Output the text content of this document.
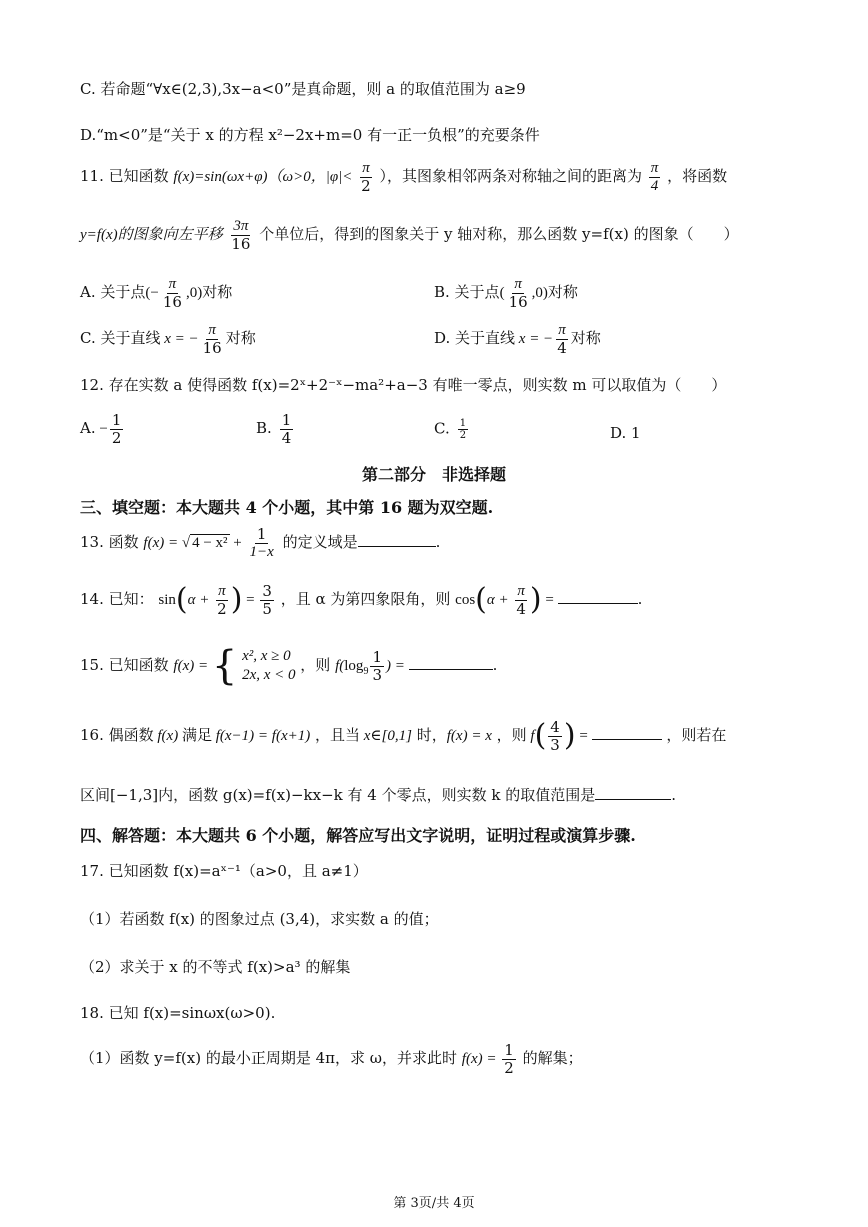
C. 若命题“∀x∈(2,3),3x−a<0”是真命题，则 a 的取值范围为 a≥9
D.“m<0”是“关于 x 的方程 x²−2x+m=0 有一正一负根”的充要条件
11. 已知函数 f(x)=sin(ωx+φ)（ω>0，$|\varphi|< \frac{\pi}{2}$ ），其图象相邻两条对称轴之间的距离为 $\frac{\pi}{4}$ ，将函数
y=f(x)的图象向左平移 $\frac{3\pi}{16}$ 个单位后，得到的图象关于 y 轴对称，那么函数 y=f(x) 的图象（　　）
A. 关于点(− $\frac{\pi}{16} ,0$)对称	B. 关于点( $\frac{\pi}{16} ,0$)对称
C. 关于直线 x = − $\frac{\pi}{16}$ 对称	D. 关于直线 x = − $\frac{\pi}{4}$ 对称
12. 存在实数 a 使得函数 f(x)=2ˣ+2⁻ˣ−ma²+a−3 有唯一零点，则实数 m 可以取值为（　　）
A. − $\frac{1}{2}$	B. $\frac{1}{4}$	C. $\frac{1}{2}$	D. 1
第二部分　非选择题
三、填空题：本大题共 4 个小题，其中第 16 题为双空题.
13. 函数 f(x) = √ $4 - x^2 + \frac{1}{1-x}$ 的定义域是	.
14. 已知： $\sin(\alpha + \frac{\pi}{2}$ ) = $\frac{3}{5}$ ，且 α 为第四象限角，则 $\cos(\alpha + \frac{\pi}{4}$ ) =	.
15. 已知函数 f(x) = { x², x ≥ 0
2x, x < 0
，则 $f(\log_9 \frac{1}{3}$ ) =	.
16. 偶函数 f(x) 满足 f(x−1) = f(x+1) ，且当 x∈[0,1] 时，f(x) = x ，则 $f( \frac{4}{3}$ ) =	，则若在
区间[−1,3]内，函数 g(x)=f(x)−kx−k 有 4 个零点，则实数 k 的取值范围是	.
四、解答题：本大题共 6 个小题，解答应写出文字说明，证明过程或演算步骤.
17. 已知函数 f(x)=aˣ⁻¹（a>0，且 a≠1）
（1）若函数 f(x) 的图象过点 (3,4)，求实数 a 的值；
（2）求关于 x 的不等式 f(x)>a³ 的解集
18. 已知 f(x)=sinωx(ω>0).
（1）函数 y=f(x) 的最小正周期是 4π，求 ω，并求此时 $f(x) = \frac{1}{2}$ 的解集；
第 3页/共 4页
